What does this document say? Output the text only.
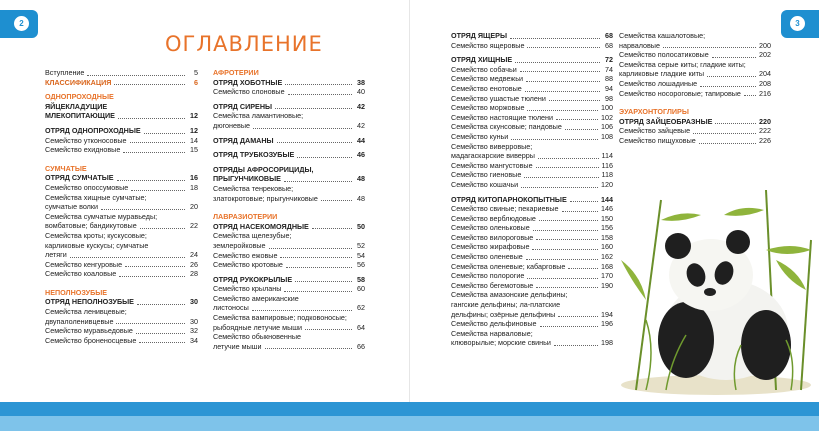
2
ОГЛАВЛЕНИЕ
Вступление	5
КЛАССИФИКАЦИЯ	6
ОДНОПРОХОДНЫЕ
ЯЙЦЕКЛАДУЩИЕ
МЛЕКОПИТАЮЩИЕ	12
ОТРЯД ОДНОПРОХОДНЫЕ	12
Семейство утконосовые	14
Семейство ехидновые	15
СУМЧАТЫЕ
ОТРЯД СУМЧАТЫЕ	16
Семейство опоссумовые	18
Семейства хищные сумчатые;
сумчатые волки	20
Семейства сумчатые муравьеды;
вомбатовые; бандикутовые	22
Семейства кроты; кускусовые;
карликовые кускусы; сумчатые
летяги	24
Семейство кенгуровые	26
Семейство коаловые	28
НЕПОЛНОЗУБЫЕ
ОТРЯД НЕПОЛНОЗУБЫЕ	30
Семейства ленивцевые;
двупалоленивцевые	30
Семейство муравьедовые	32
Семейство броненосцевые	34
АФРОТЕРИИ
ОТРЯД ХОБОТНЫЕ	38
Семейство слоновые	40
ОТРЯД СИРЕНЫ	42
Семейства ламантиновые;
дюгоневые	42
ОТРЯД ДАМАНЫ	44
ОТРЯД ТРУБКОЗУБЫЕ	46
ОТРЯДЫ АФРОСОРИЦИДЫ,
ПРЫГУНЧИКОВЫЕ	48
Семейства тенрековые;
златокротовые; прыгунчиковые	48
ЛАВРАЗИОТЕРИИ
ОТРЯД НАСЕКОМОЯДНЫЕ	50
Семейства щелезубые;
землеройковые	52
Семейство ежовые	54
Семейство кротовые	56
ОТРЯД РУКОКРЫЛЫЕ	58
Семейство крыланы	60
Семейство американские
листоносы	62
Семейства вампировые; подковоносые;
рыбоядные летучие мыши	64
Семейство обыкновенные
летучие мыши	66
3
ОТРЯД ЯЩЕРЫ	68
Семейство ящеровые	68
ОТРЯД ХИЩНЫЕ	72
Семейство собачьи	74
Семейство медвежьи	88
Семейство енотовые	94
Семейство ушастые тюлени	98
Семейство моржовые	100
Семейство настоящие тюлени	102
Семейства скунсовые; пандовые	106
Семейство куньи	108
Семейство виверровые;
мадагаскарские виверры	114
Семейство мангустовые	116
Семейство гиеновые	118
Семейство кошачьи	120
ОТРЯД КИТОПАРНОКОПЫТНЫЕ	144
Семейство свиные; пекариевые	146
Семейство верблюдовые	150
Семейство оленьковые	156
Семейство вилороговые	158
Семейство жирафовые	160
Семейство оленевые	162
Семейства оленевые; кабарговые	168
Семейство полорогие	170
Семейство бегемотовые	190
Семейства амазонские дельфины;
гангские дельфины; ла-платские
дельфины; озёрные дельфины	194
Семейство дельфиновые	196
Семейства нарваловые;
клюворылые; морские свиньи	198
Семейства кашалотовые;
нарваловые	200
Семейство полосатиковые	202
Семейства серые киты; гладкие киты;
карликовые гладкие киты	204
Семейство лошадиные	208
Семейство носороговые; тапировые	216
ЭУАРХОНТОГЛИРЫ
ОТРЯД ЗАЙЦЕОБРАЗНЫЕ	220
Семейство зайцевые	222
Семейство пищуховые	226
